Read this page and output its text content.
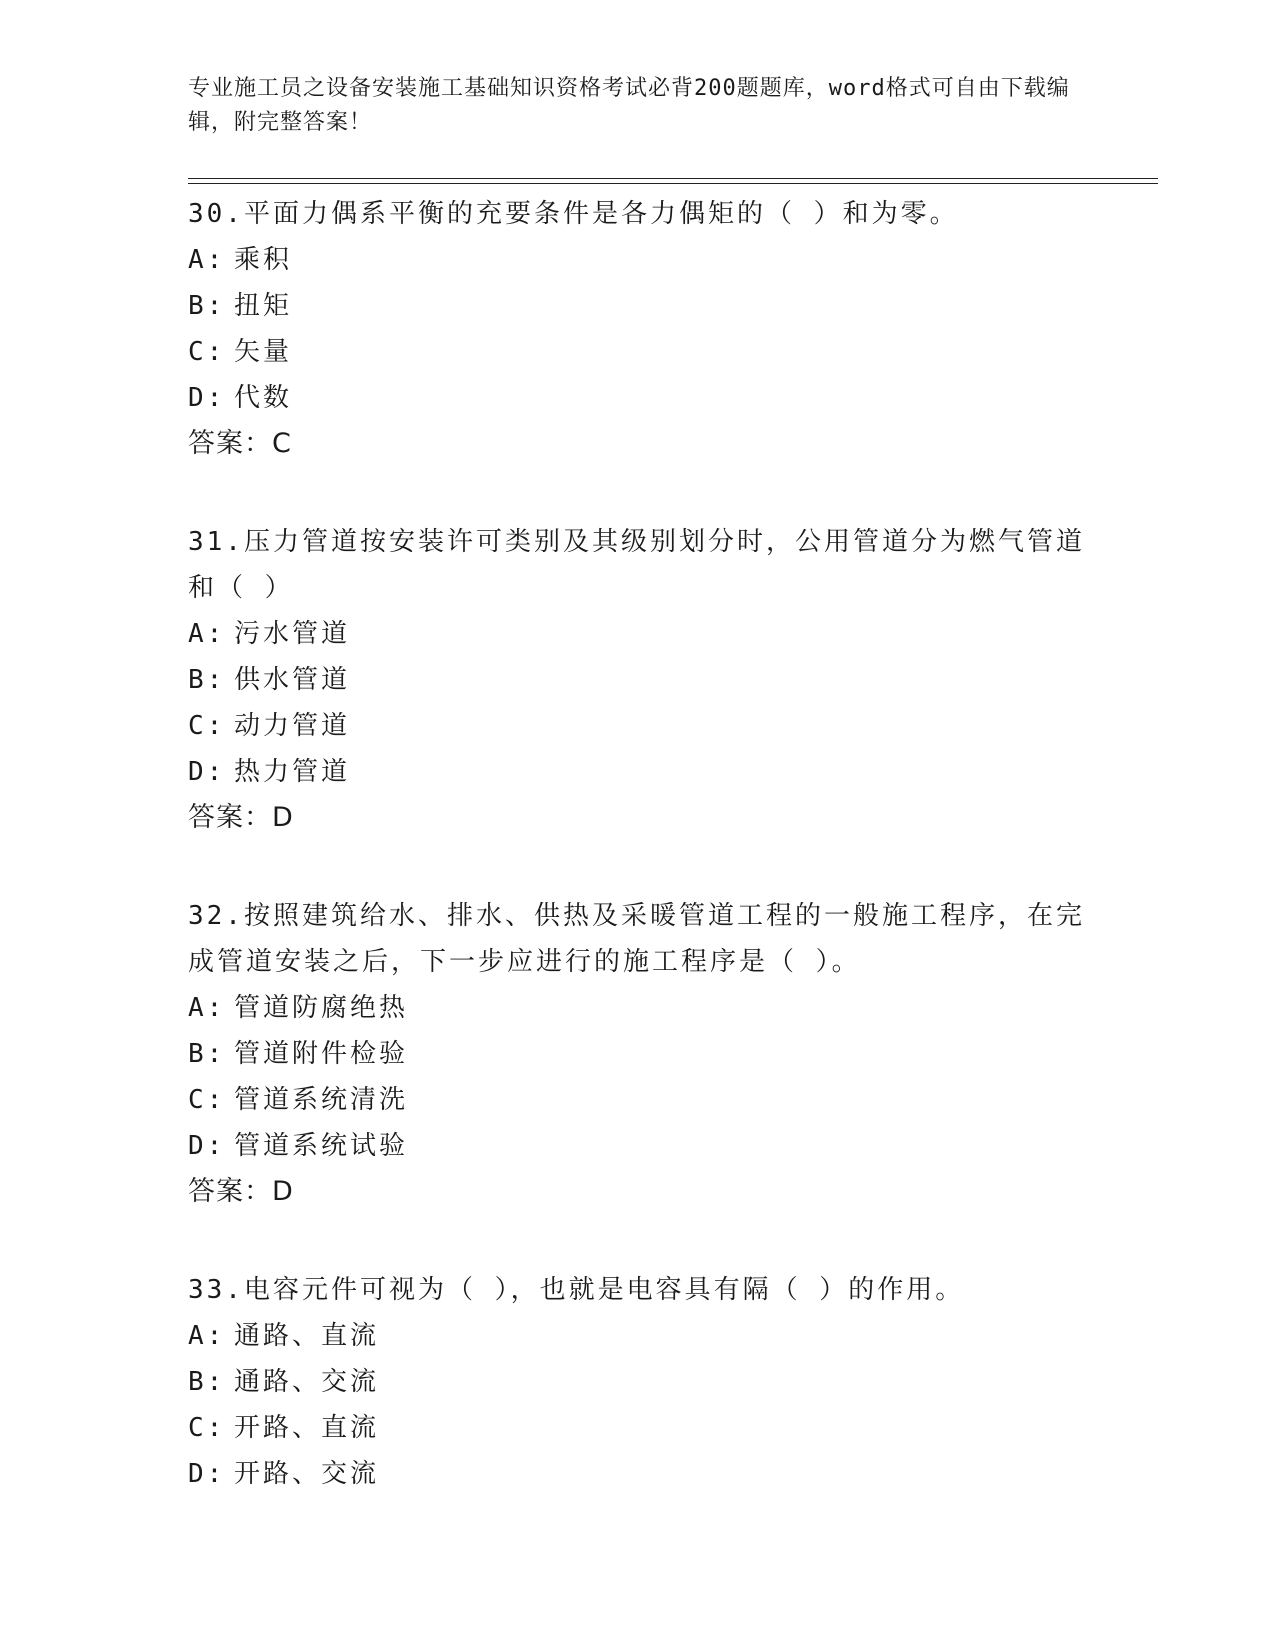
专业施工员之设备安装施工基础知识资格考试必背200题题库，word格式可自由下载编辑，附完整答案！
30.平面力偶系平衡的充要条件是各力偶矩的（ ）和为零。
A: 乘积
B: 扭矩
C: 矢量
D: 代数
答案：C
31.压力管道按安装许可类别及其级别划分时，公用管道分为燃气管道和（ ）
A: 污水管道
B: 供水管道
C: 动力管道
D: 热力管道
答案：D
32.按照建筑给水、排水、供热及采暖管道工程的一般施工程序，在完成管道安装之后，下一步应进行的施工程序是（ ）。
A: 管道防腐绝热
B: 管道附件检验
C: 管道系统清洗
D: 管道系统试验
答案：D
33.电容元件可视为（ ），也就是电容具有隔（ ）的作用。
A: 通路、直流
B: 通路、交流
C: 开路、直流
D: 开路、交流
